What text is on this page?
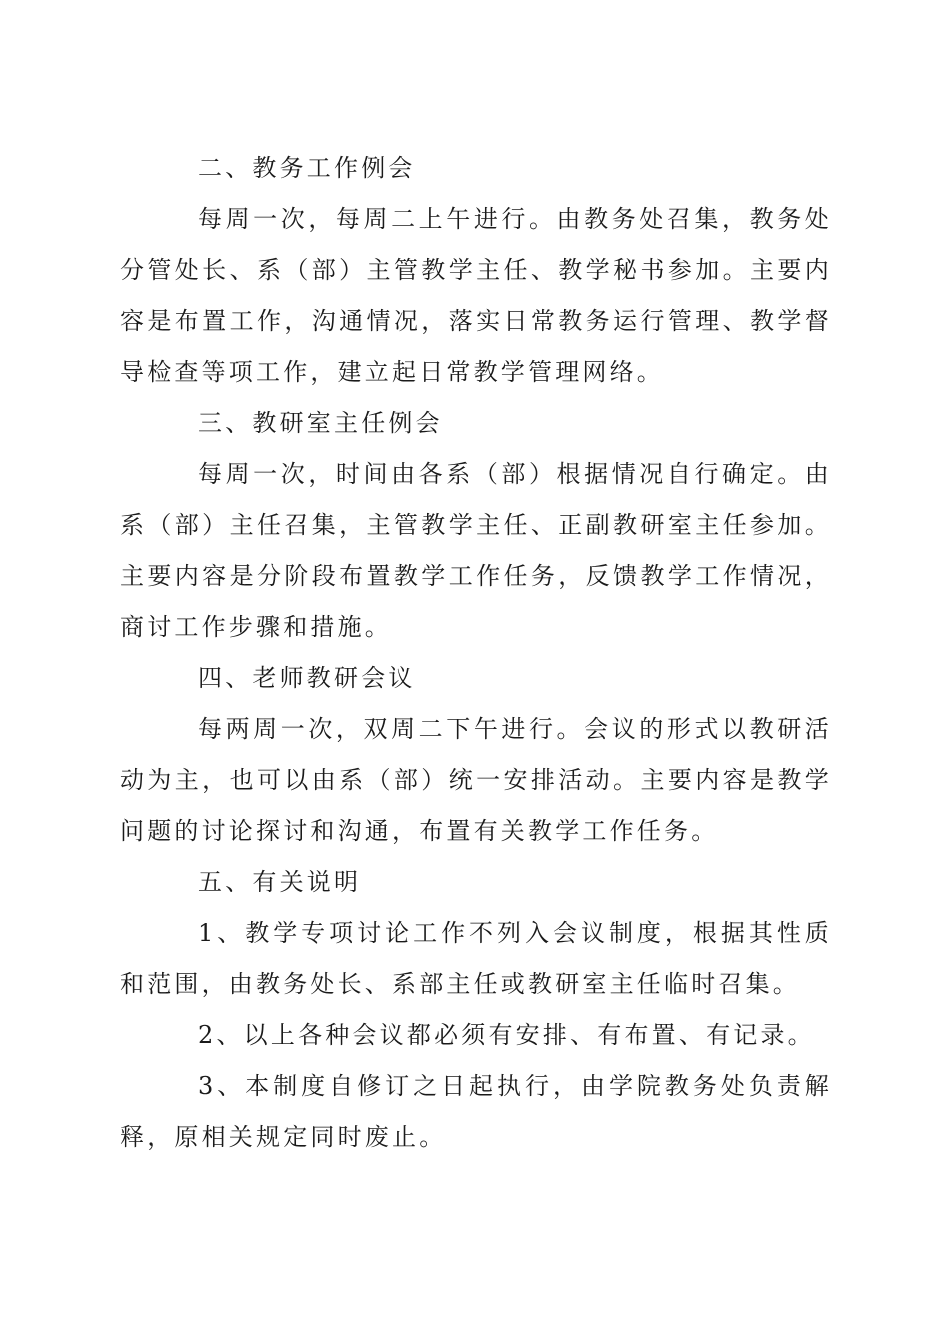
二、教务工作例会

每周一次，每周二上午进行。由教务处召集，教务处分管处长、系（部）主管教学主任、教学秘书参加。主要内容是布置工作，沟通情况，落实日常教务运行管理、教学督导检查等项工作，建立起日常教学管理网络。

三、教研室主任例会

每周一次，时间由各系（部）根据情况自行确定。由系（部）主任召集，主管教学主任、正副教研室主任参加。主要内容是分阶段布置教学工作任务，反馈教学工作情况，商讨工作步骤和措施。

四、老师教研会议

每两周一次，双周二下午进行。会议的形式以教研活动为主，也可以由系（部）统一安排活动。主要内容是教学问题的讨论探讨和沟通，布置有关教学工作任务。

五、有关说明

1、教学专项讨论工作不列入会议制度，根据其性质和范围，由教务处长、系部主任或教研室主任临时召集。

2、以上各种会议都必须有安排、有布置、有记录。

3、本制度自修订之日起执行，由学院教务处负责解释，原相关规定同时废止。
